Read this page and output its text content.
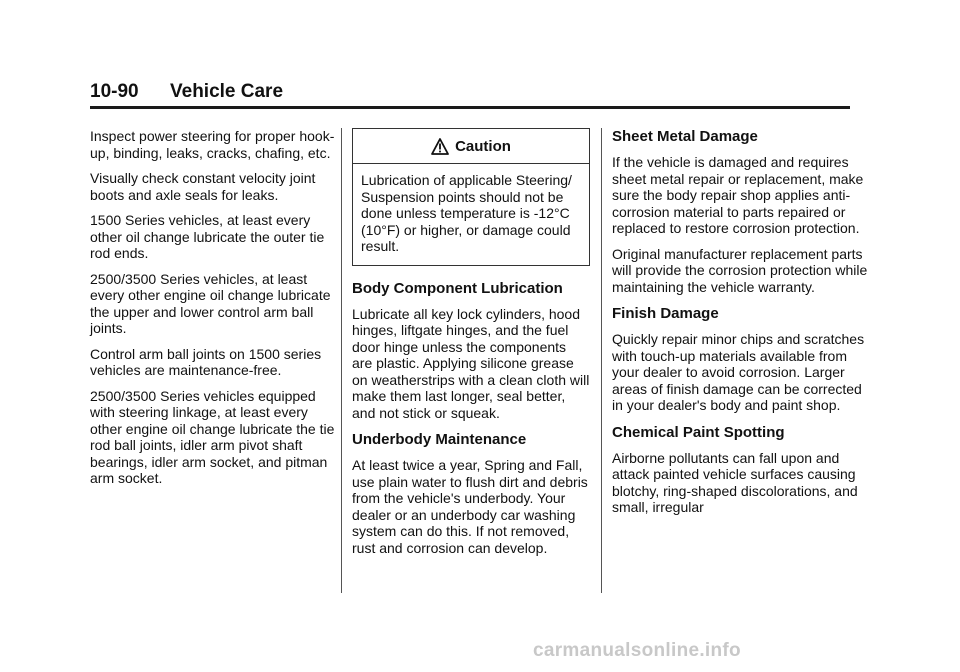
10-90 Vehicle Care

Inspect power steering for proper hook-up, binding, leaks, cracks, chafing, etc.

Visually check constant velocity joint boots and axle seals for leaks.

1500 Series vehicles, at least every other oil change lubricate the outer tie rod ends.

2500/3500 Series vehicles, at least every other engine oil change lubricate the upper and lower control arm ball joints.

Control arm ball joints on 1500 series vehicles are maintenance-free.

2500/3500 Series vehicles equipped with steering linkage, at least every other engine oil change lubricate the tie rod ball joints, idler arm pivot shaft bearings, idler arm socket, and pitman arm socket.

Caution

Lubrication of applicable Steering/ Suspension points should not be done unless temperature is -12°C (10°F) or higher, or damage could result.

Body Component Lubrication

Lubricate all key lock cylinders, hood hinges, liftgate hinges, and the fuel door hinge unless the components are plastic. Applying silicone grease on weatherstrips with a clean cloth will make them last longer, seal better, and not stick or squeak.

Underbody Maintenance

At least twice a year, Spring and Fall, use plain water to flush dirt and debris from the vehicle's underbody. Your dealer or an underbody car washing system can do this. If not removed, rust and corrosion can develop.

Sheet Metal Damage

If the vehicle is damaged and requires sheet metal repair or replacement, make sure the body repair shop applies anti-corrosion material to parts repaired or replaced to restore corrosion protection.

Original manufacturer replacement parts will provide the corrosion protection while maintaining the vehicle warranty.

Finish Damage

Quickly repair minor chips and scratches with touch-up materials available from your dealer to avoid corrosion. Larger areas of finish damage can be corrected in your dealer's body and paint shop.

Chemical Paint Spotting

Airborne pollutants can fall upon and attack painted vehicle surfaces causing blotchy, ring-shaped discolorations, and small, irregular

carmanualsonline.info
